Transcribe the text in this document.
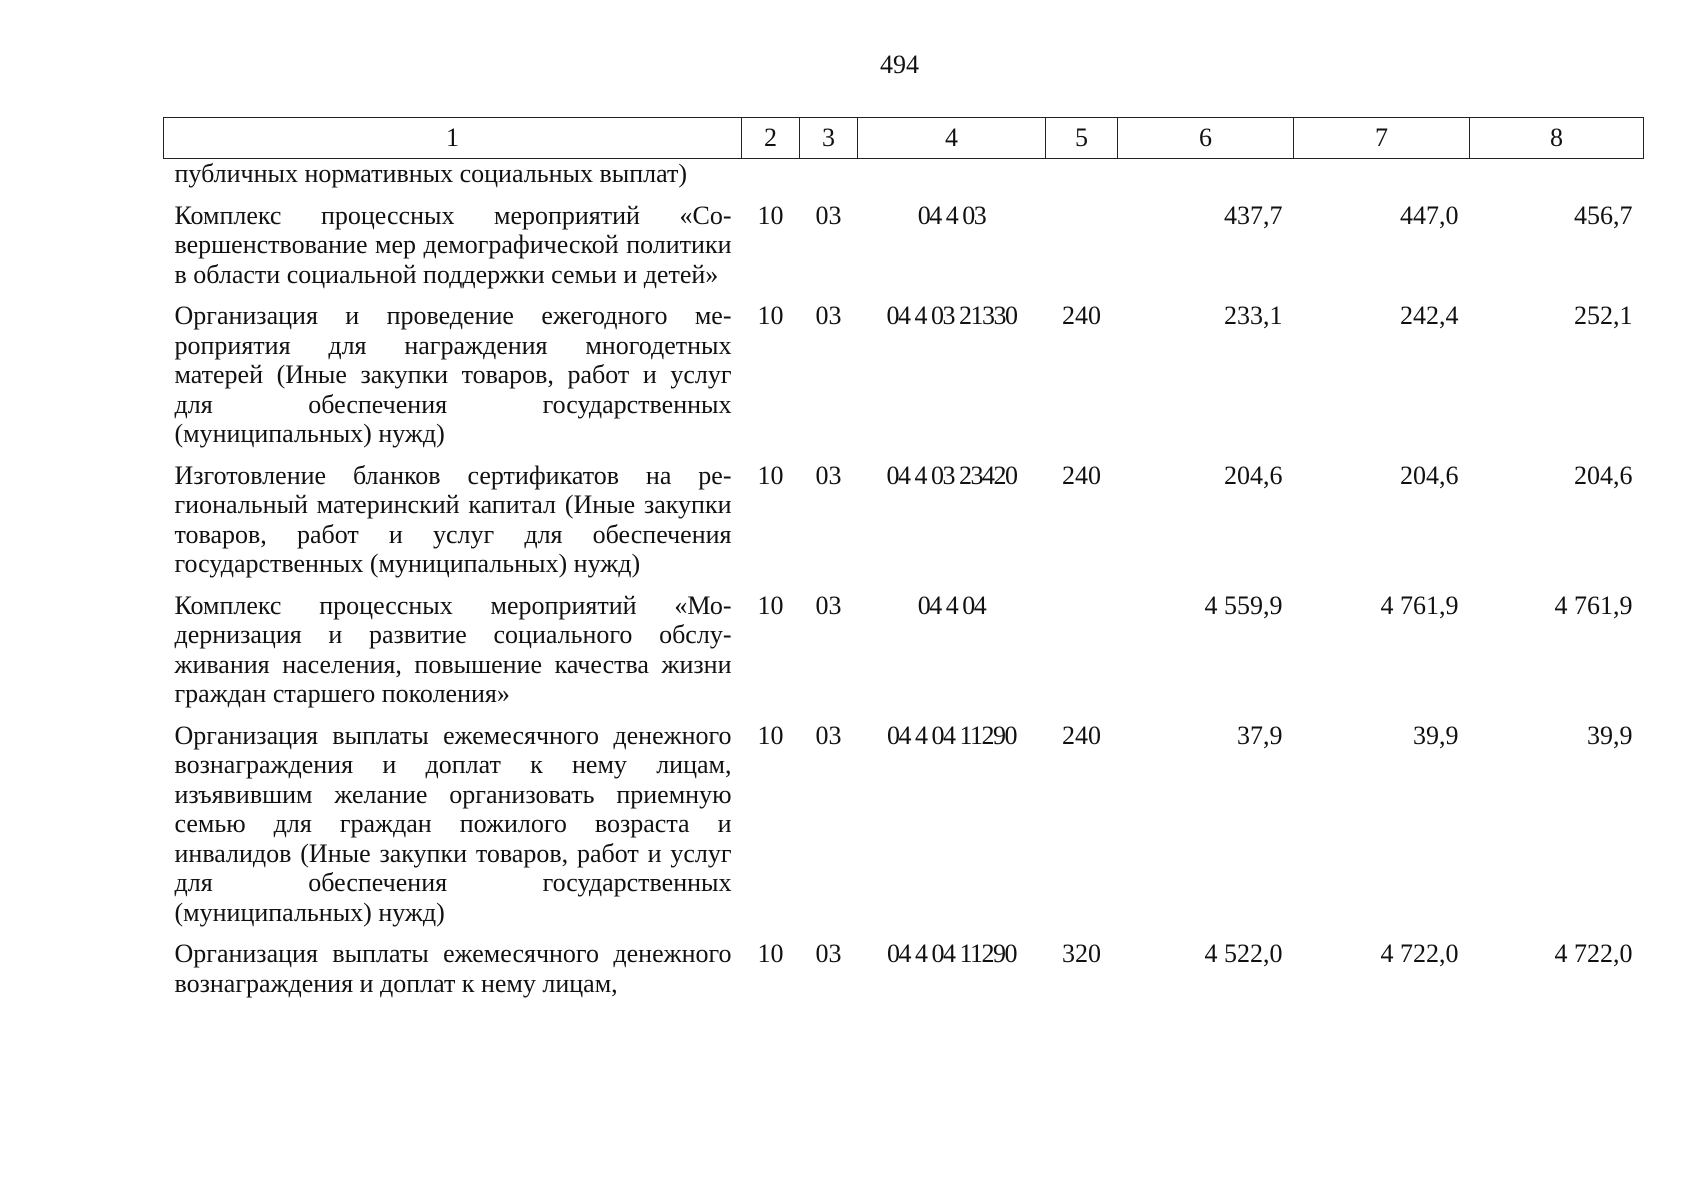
494
1	2	3	4	5	6	7	8
публичных нормативных социальных выплат)							
Комплекс процессных мероприятий «Совершенствование мер демографической политики в области социальной поддержки семьи и детей»	10	03	04 4 03		437,7	447,0	456,7
Организация и проведение ежегодного мероприятия для награждения многодетных матерей (Иные закупки товаров, работ и услуг для обеспечения государственных (муниципальных) нужд)	10	03	04 4 03 21330	240	233,1	242,4	252,1
Изготовление бланков сертификатов на региональный материнский капитал (Иные закупки товаров, работ и услуг для обеспечения государственных (муниципальных) нужд)	10	03	04 4 03 23420	240	204,6	204,6	204,6
Комплекс процессных мероприятий «Модернизация и развитие социального обслуживания населения, повышение качества жизни граждан старшего поколения»	10	03	04 4 04		4 559,9	4 761,9	4 761,9
Организация выплаты ежемесячного денежного вознаграждения и доплат к нему лицам, изъявившим желание организовать приемную семью для граждан пожилого возраста и инвалидов (Иные закупки товаров, работ и услуг для обеспечения государственных (муниципальных) нужд)	10	03	04 4 04 11290	240	37,9	39,9	39,9
Организация выплаты ежемесячного денежного вознаграждения и доплат к нему лицам,	10	03	04 4 04 11290	320	4 522,0	4 722,0	4 722,0
